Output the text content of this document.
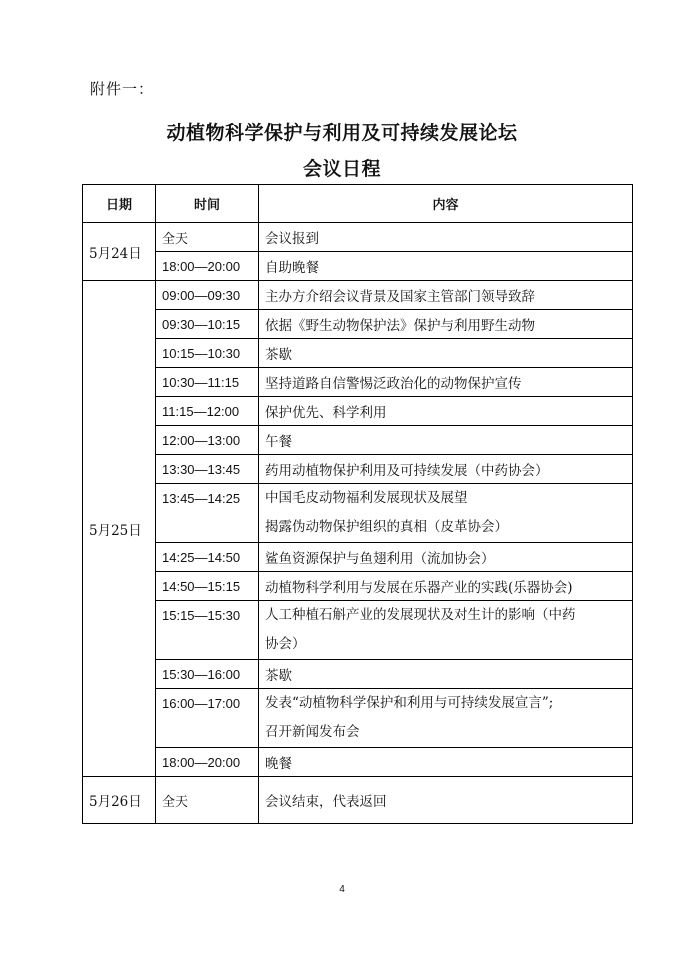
附件一：
动植物科学保护与利用及可持续发展论坛
会议日程
日期	时间	内容
5月24日	全天	会议报到
	18:00—20:00	自助晚餐
5月25日	09:00—09:30	主办方介绍会议背景及国家主管部门领导致辞
	09:30—10:15	依据《野生动物保护法》保护与利用野生动物
	10:15—10:30	茶歇
	10:30—11:15	坚持道路自信警惕泛政治化的动物保护宣传
	11:15—12:00	保护优先、科学利用
	12:00—13:00	午餐
	13:30—13:45	药用动植物保护利用及可持续发展（中药协会）
	13:45—14:25	中国毛皮动物福利发展现状及展望
揭露伪动物保护组织的真相（皮革协会）

	14:25—14:50	鲨鱼资源保护与鱼翅利用（流加协会）
	14:50—15:15	动植物科学利用与发展在乐器产业的实践(乐器协会)
	15:15—15:30	人工种植石斛产业的发展现状及对生计的影响（中药
协会）

	15:30—16:00	茶歇
	16:00—17:00	发表“动植物科学保护和利用与可持续发展宣言”;
召开新闻发布会

	18:00—20:00	晚餐
5月26日	全天	会议结束，代表返回
4
